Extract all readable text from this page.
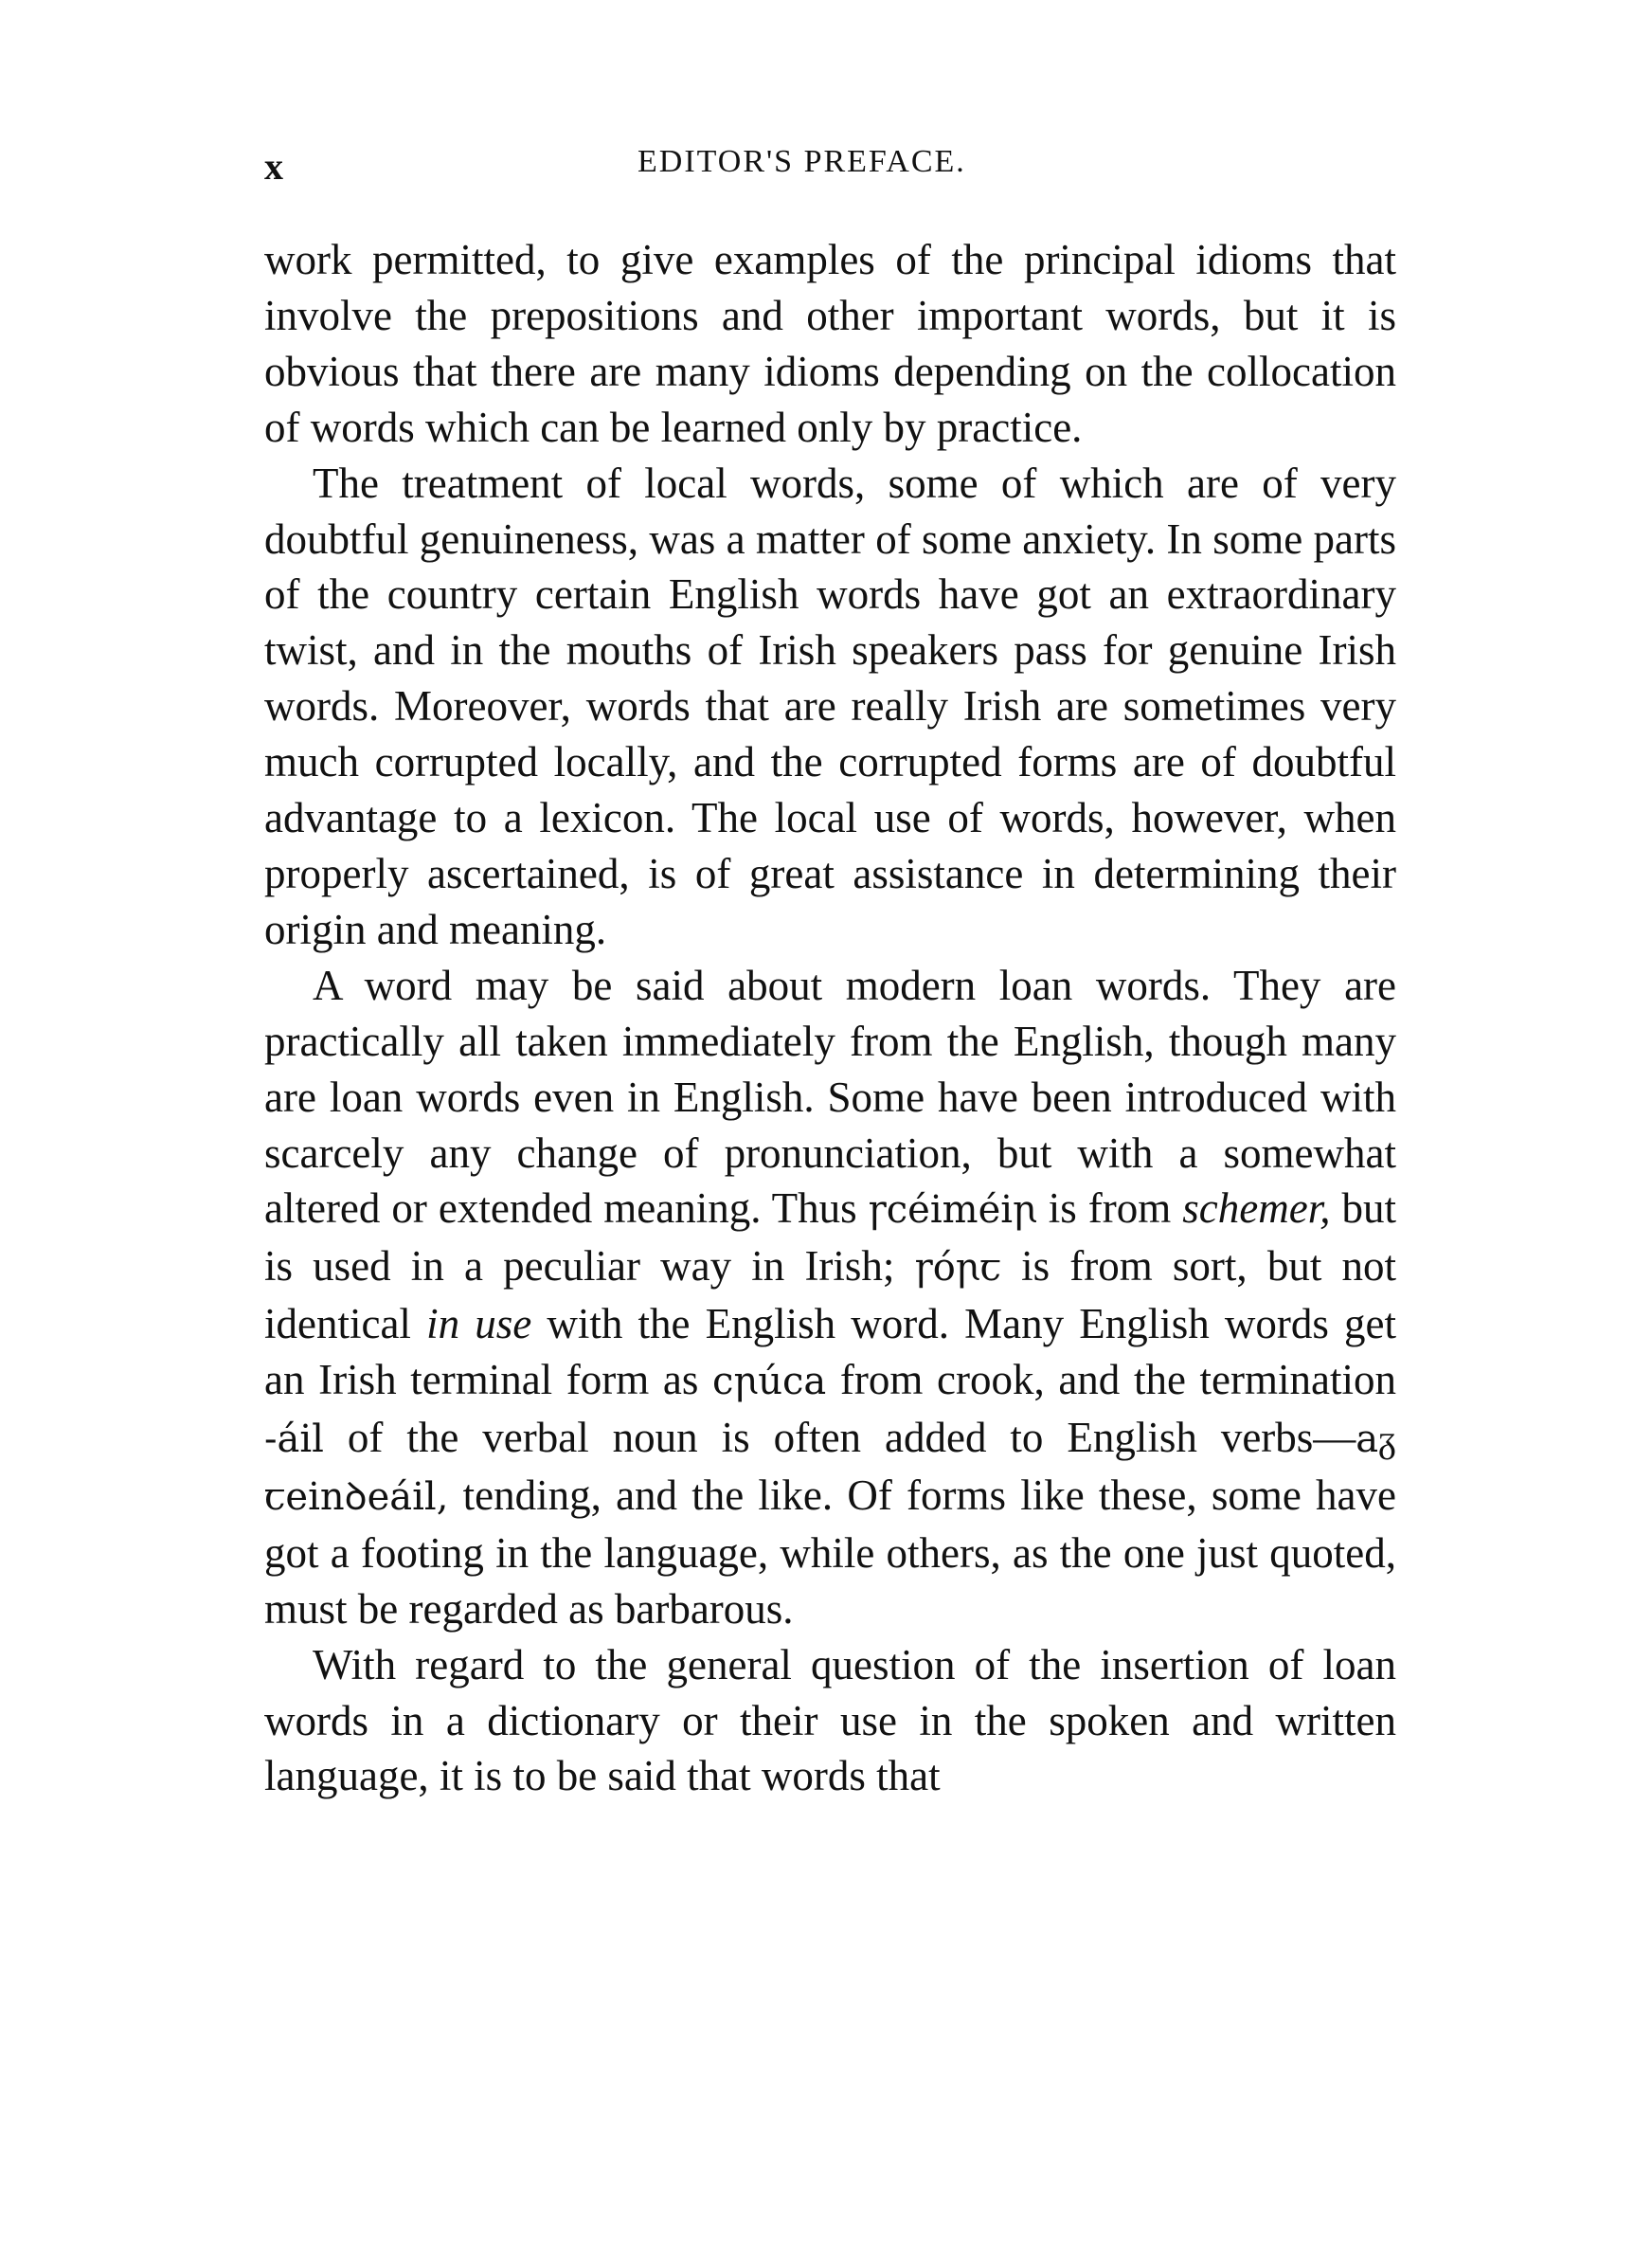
x	EDITOR'S PREFACE.

work permitted, to give examples of the principal idioms that involve the prepositions and other important words, but it is obvious that there are many idioms depending on the collocation of words which can be learned only by practice.

The treatment of local words, some of which are of very doubtful genuineness, was a matter of some anxiety. In some parts of the country certain English words have got an extraordinary twist, and in the mouths of Irish speakers pass for genuine Irish words. Moreover, words that are really Irish are sometimes very much corrupted locally, and the corrupted forms are of doubtful advantage to a lexicon. The local use of words, however, when properly ascertained, is of great assistance in determining their origin and meaning.

A word may be said about modern loan words. They are practically all taken immediately from the English, though many are loan words even in English. Some have been introduced with scarcely any change of pronunciation, but with a somewhat altered or extended meaning. Thus ꞅcéiméiꞃ is from schemer, but is used in a peculiar way in Irish; ꞅóꞃꞇ is from sort, but not identical in use with the English word. Many English words get an Irish terminal form as cꞃúca from crook, and the termination -áil of the verbal noun is often added to English verbs—aᵹ ꞇeinꝺeáil, tending, and the like. Of forms like these, some have got a footing in the language, while others, as the one just quoted, must be regarded as barbarous.

With regard to the general question of the insertion of loan words in a dictionary or their use in the spoken and written language, it is to be said that words that
